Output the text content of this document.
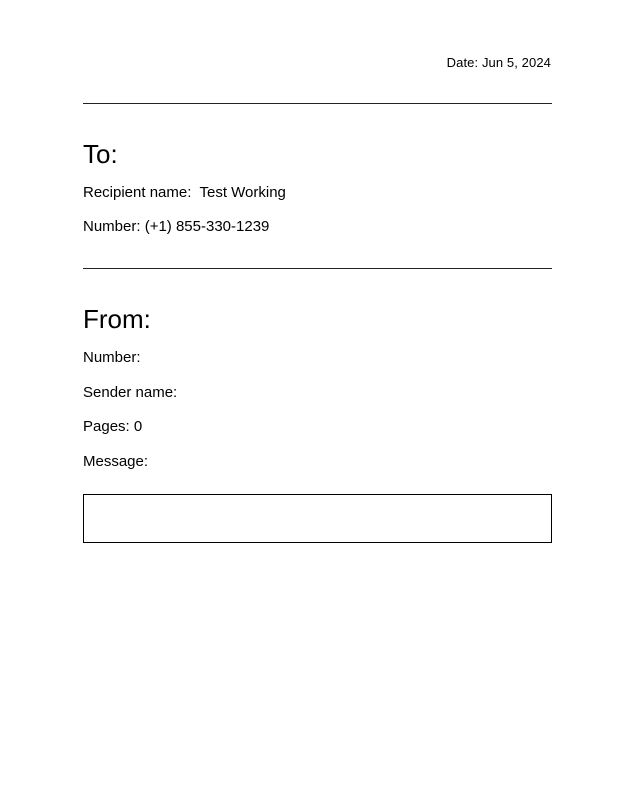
Date: Jun 5, 2024
To:
Recipient name: Test Working
Number: (+1) 855-330-1239
From:
Number:
Sender name:
Pages: 0
Message:
